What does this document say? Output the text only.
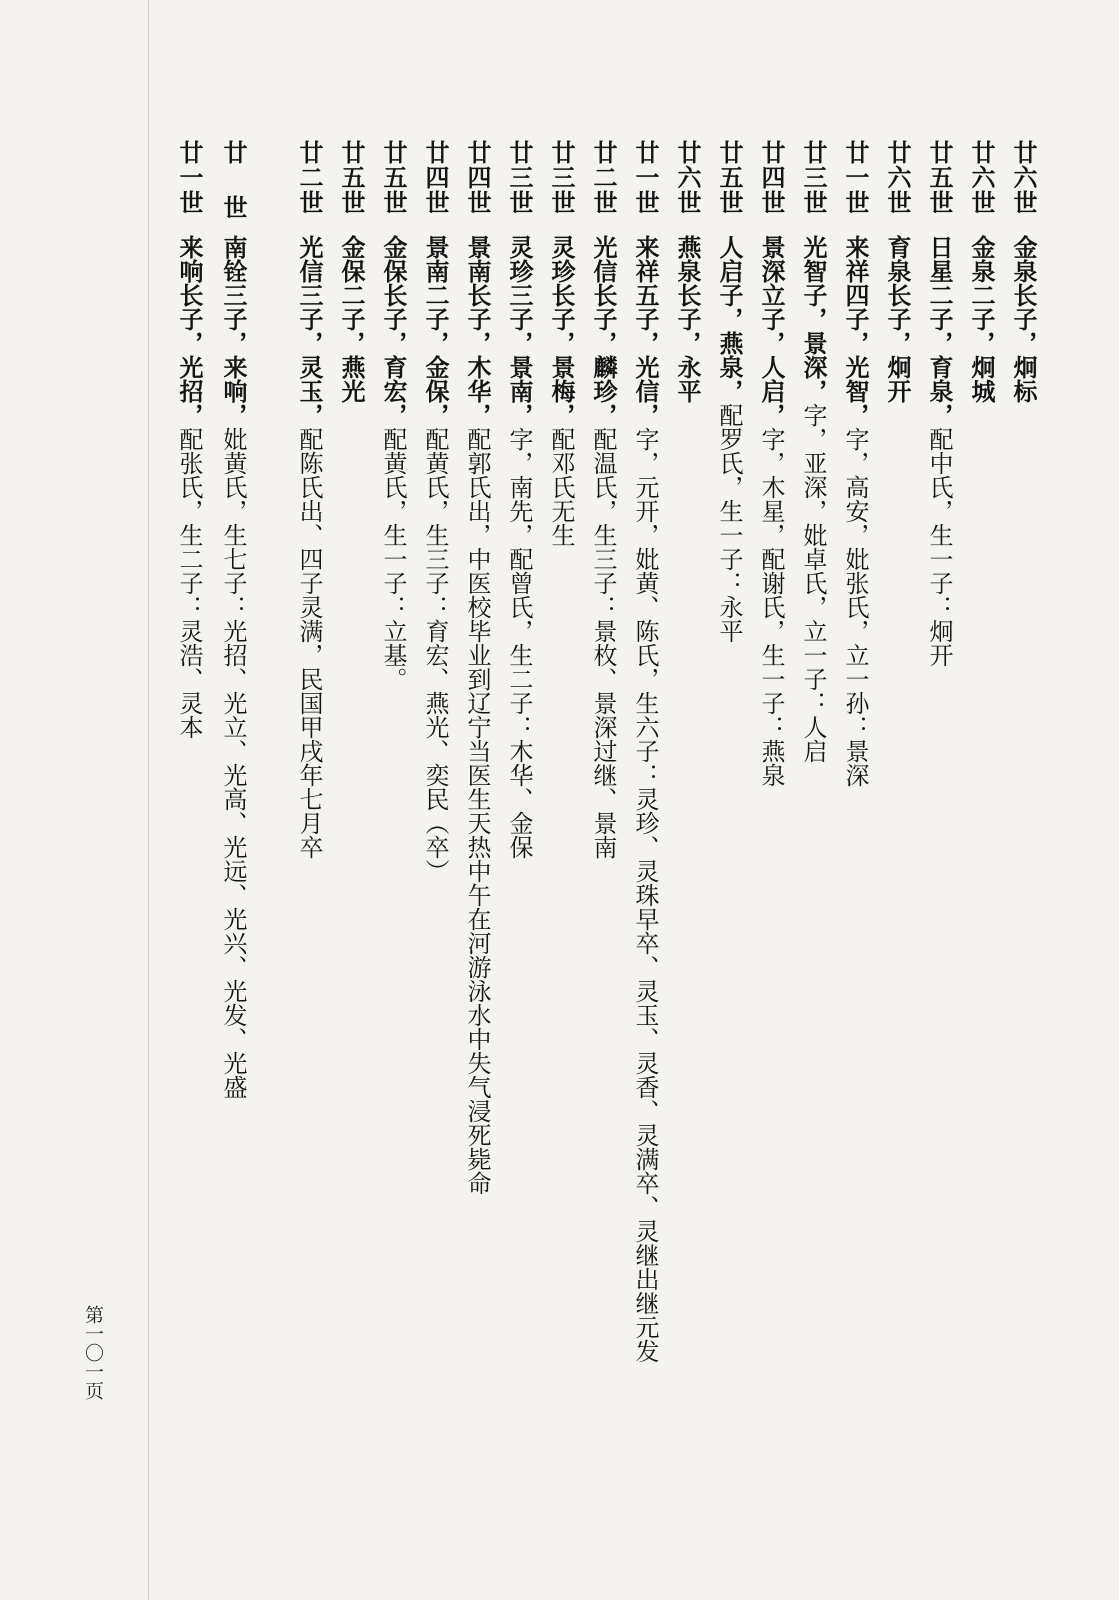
廿六世
金泉长子，炯标
廿六世
金泉二子，炯城
廿五世
日星二子，育泉，配中氏，生一子：炯开
廿六世
育泉长子，炯开
廿一世
来祥四子，光智，字，高安，妣张氏，立一孙：景深
廿三世
光智子，景深，字，亚深，妣卓氏，立一子：人启
廿四世
景深立子，人启，字，木星，配谢氏，生一子：燕泉
廿五世
人启子，燕泉，配罗氏，生一子：永平
廿六世
燕泉长子，永平
廿一世
来祥五子，光信，字，元开，妣黄、陈氏，生六子：灵珍、灵珠早卒、灵玉、灵香、灵满卒、灵继出继元发
廿二世
光信长子，麟珍，配温氏，生三子：景枚、景深过继、景南
廿三世
灵珍长子，景梅，配邓氏无生
廿三世
灵珍三子，景南，字，南先，配曾氏，生二子：木华、金保
廿四世
景南长子，木华，配郭氏出，中医校毕业到辽宁当医生天热中午在河游泳水中失气浸死毙命
廿四世
景南二子，金保，配黄氏，生三子：育宏、燕光、奕民（卒）
廿五世
金保长子，育宏，配黄氏，生一子：立基。
廿五世
金保二子，燕光
廿二世
光信三子，灵玉，配陈氏出、四子灵满，民国甲戌年七月卒
廿 世
南铨三子，来响，妣黄氏，生七子：光招、光立、光高、光远、光兴、光发、光盛
廿一世
来响长子，光招，配张氏，生二子：灵浩、灵本
第一〇一页
